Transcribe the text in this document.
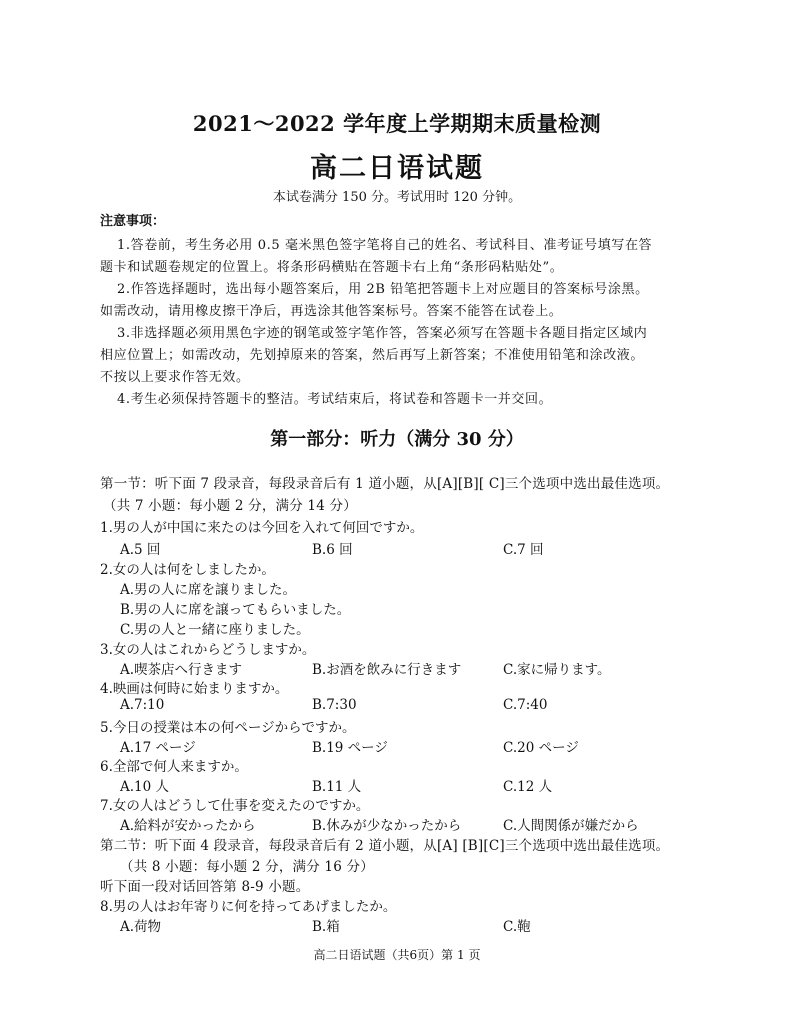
2021～2022 学年度上学期期末质量检测
高二日语试题
本试卷满分 150 分。考试用时 120 分钟。
注意事项：
1.答卷前，考生务必用 0.5 毫米黑色签字笔将自己的姓名、考试科目、准考证号填写在答
题卡和试题卷规定的位置上。将条形码横贴在答题卡右上角“条形码粘贴处”。
2.作答选择题时，选出每小题答案后，用 2B 铅笔把答题卡上对应题目的答案标号涂黑。
如需改动，请用橡皮擦干净后，再选涂其他答案标号。答案不能答在试卷上。
3.非选择题必须用黑色字迹的钢笔或签字笔作答，答案必须写在答题卡各题目指定区域内
相应位置上；如需改动，先划掉原来的答案，然后再写上新答案；不准使用铅笔和涂改液。
不按以上要求作答无效。
4.考生必须保持答题卡的整洁。考试结束后，将试卷和答题卡一并交回。
第一部分：听力（满分 30 分）
第一节：听下面 7 段录音，每段录音后有 1 道小题，从[A][B][ C]三个选项中选出最佳选项。
（共 7 小题：每小题 2 分，满分 14 分）
1.男の人が中国に来たのは今回を入れて何回ですか。
A.5 回	B.6 回	C.7 回
2.女の人は何をしましたか。
A.男の人に席を譲りました。
B.男の人に席を譲ってもらいました。
C.男の人と一緒に座りました。
3.女の人はこれからどうしますか。
A.喫茶店へ行きます	B.お酒を飲みに行きます	C.家に帰ります。
4.映画は何時に始まりますか。
A.7:10	B.7:30	C.7:40
5.今日の授業は本の何ページからですか。
A.17 ページ	B.19 ページ	C.20 ページ
6.全部で何人来ますか。
A.10 人	B.11 人	C.12 人
7.女の人はどうして仕事を変えたのですか。
A.給料が安かったから	B.休みが少なかったから	C.人間関係が嫌だから
第二节：听下面 4 段录音，每段录音后有 2 道小题，从[A] [B][C]三个选项中选出最佳选项。
（共 8 小题：每小题 2 分，满分 16 分）
听下面一段对话回答第 8-9 小题。
8.男の人はお年寄りに何を持ってあげましたか。
A.荷物	B.箱	C.鞄
高二日语试题（共6页）第 1 页
